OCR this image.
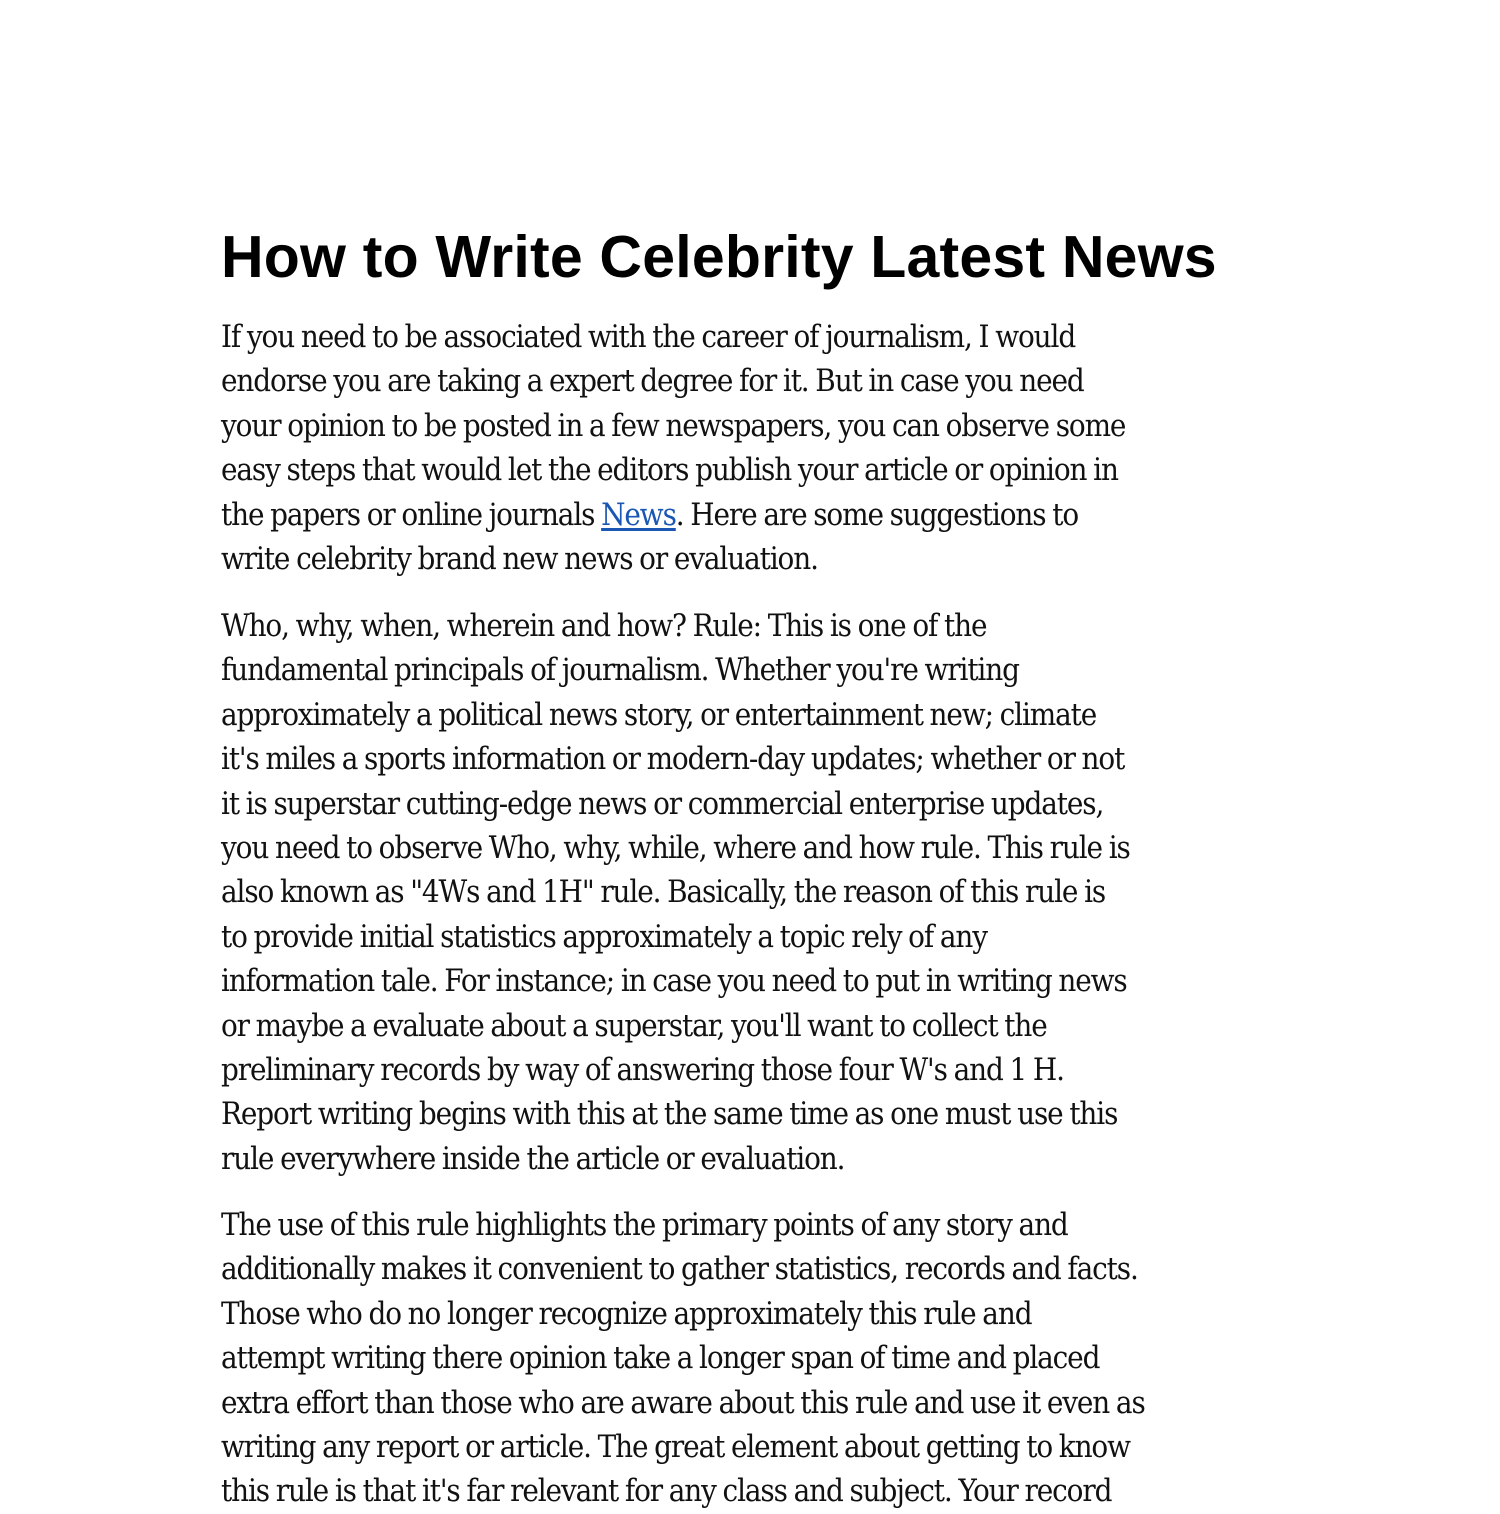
How to Write Celebrity Latest News
If you need to be associated with the career of journalism, I would
endorse you are taking a expert degree for it. But in case you need
your opinion to be posted in a few newspapers, you can observe some
easy steps that would let the editors publish your article or opinion in
the papers or online journals News. Here are some suggestions to
write celebrity brand new news or evaluation.
Who, why, when, wherein and how? Rule: This is one of the
fundamental principals of journalism. Whether you're writing
approximately a political news story, or entertainment new; climate
it's miles a sports information or modern-day updates; whether or not
it is superstar cutting-edge news or commercial enterprise updates,
you need to observe Who, why, while, where and how rule. This rule is
also known as "4Ws and 1H" rule. Basically, the reason of this rule is
to provide initial statistics approximately a topic rely of any
information tale. For instance; in case you need to put in writing news
or maybe a evaluate about a superstar, you'll want to collect the
preliminary records by way of answering those four W's and 1 H.
Report writing begins with this at the same time as one must use this
rule everywhere inside the article or evaluation.
The use of this rule highlights the primary points of any story and
additionally makes it convenient to gather statistics, records and facts.
Those who do no longer recognize approximately this rule and
attempt writing there opinion take a longer span of time and placed
extra effort than those who are aware about this rule and use it even as
writing any report or article. The great element about getting to know
this rule is that it's far relevant for any class and subject. Your record
